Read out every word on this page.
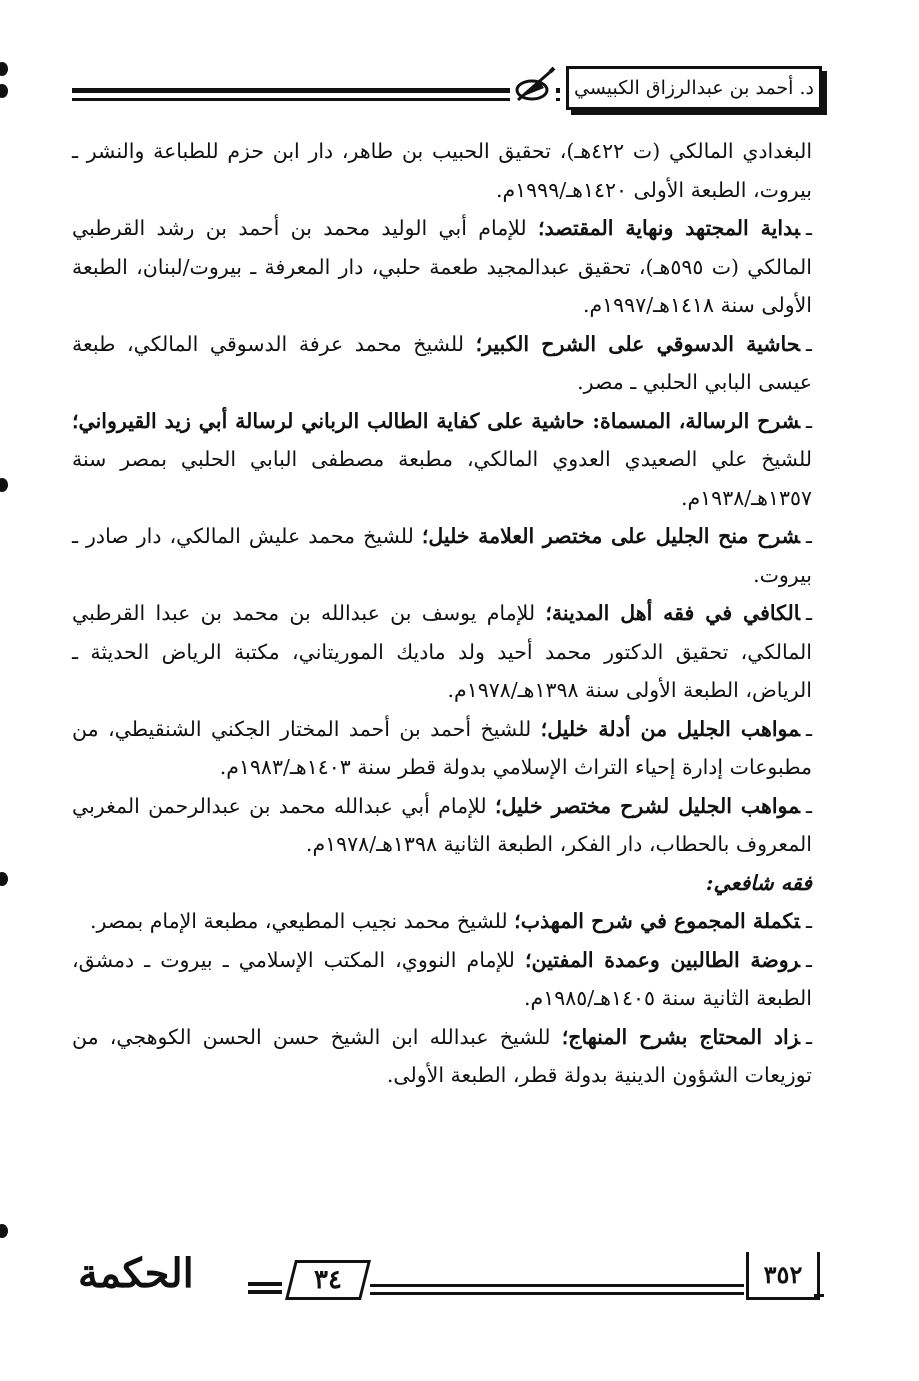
د. أحمد بن عبدالرزاق الكبيسي

البغدادي المالكي (ت ٤٢٢هـ)، تحقيق الحبيب بن طاهر، دار ابن حزم للطباعة والنشر ـ بيروت، الطبعة الأولى ١٤٢٠هـ/١٩٩٩م.

ـبداية المجتهد ونهاية المقتصد؛ للإمام أبي الوليد محمد بن أحمد بن رشد القرطبي المالكي (ت ٥٩٥هـ)، تحقيق عبدالمجيد طعمة حلبي، دار المعرفة ـ بيروت/لبنان، الطبعة الأولى سنة ١٤١٨هـ/١٩٩٧م.

ـحاشية الدسوقي على الشرح الكبير؛ للشيخ محمد عرفة الدسوقي المالكي، طبعة عيسى البابي الحلبي ـ مصر.

ـشرح الرسالة، المسماة: حاشية على كفاية الطالب الرباني لرسالة أبي زيد القيرواني؛ للشيخ علي الصعيدي العدوي المالكي، مطبعة مصطفى البابي الحلبي بمصر سنة ١٣٥٧هـ/١٩٣٨م.

ـشرح منح الجليل على مختصر العلامة خليل؛ للشيخ محمد عليش المالكي، دار صادر ـ بيروت.

ـالكافي في فقه أهل المدينة؛ للإمام يوسف بن عبدالله بن محمد بن عبدا القرطبي المالكي، تحقيق الدكتور محمد أحيد ولد ماديك الموريتاني، مكتبة الرياض الحديثة ـ الرياض، الطبعة الأولى سنة ١٣٩٨هـ/١٩٧٨م.

ـمواهب الجليل من أدلة خليل؛ للشيخ أحمد بن أحمد المختار الجكني الشنقيطي، من مطبوعات إدارة إحياء التراث الإسلامي بدولة قطر سنة ١٤٠٣هـ/١٩٨٣م.

ـمواهب الجليل لشرح مختصر خليل؛ للإمام أبي عبدالله محمد بن عبدالرحمن المغربي المعروف بالحطاب، دار الفكر، الطبعة الثانية ١٣٩٨هـ/١٩٧٨م.

فقه شافعي:

ـتكملة المجموع في شرح المهذب؛ للشيخ محمد نجيب المطيعي، مطبعة الإمام بمصر.

ـروضة الطالبين وعمدة المفتين؛ للإمام النووي، المكتب الإسلامي ـ بيروت ـ دمشق، الطبعة الثانية سنة ١٤٠٥هـ/١٩٨٥م.

ـزاد المحتاج بشرح المنهاج؛ للشيخ عبدالله ابن الشيخ حسن الحسن الكوهجي، من توزيعات الشؤون الدينية بدولة قطر، الطبعة الأولى.

الحكمة	٣٤	٣٥٢
